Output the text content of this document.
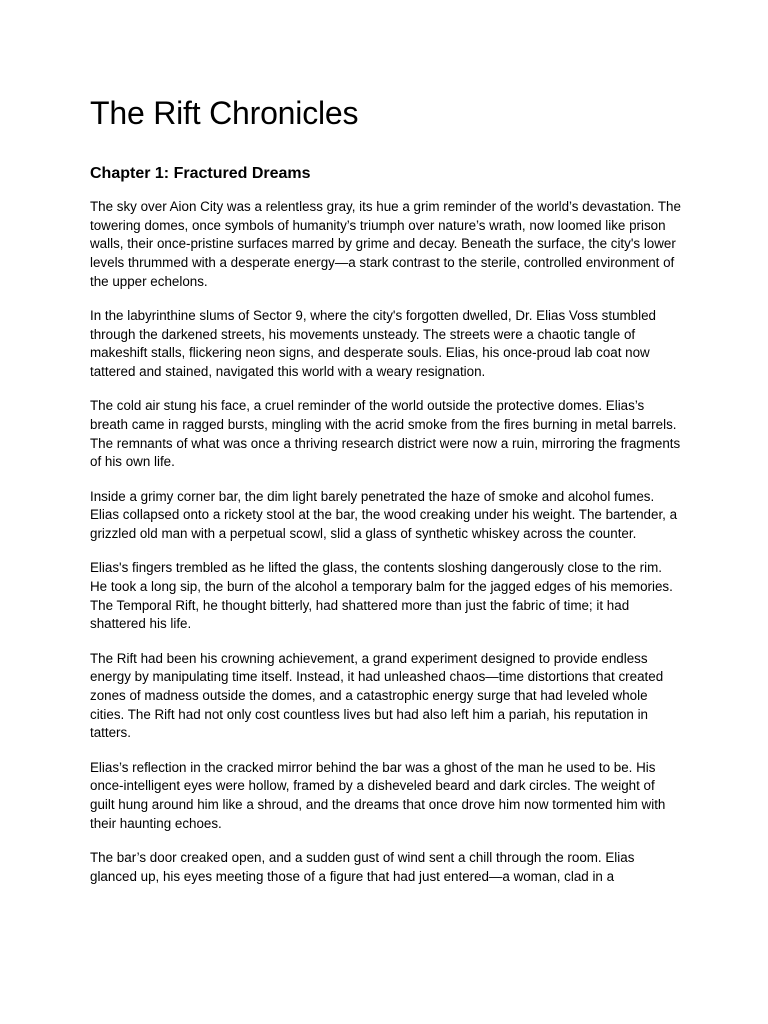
The Rift Chronicles
Chapter 1: Fractured Dreams

The sky over Aion City was a relentless gray, its hue a grim reminder of the world’s devastation. The towering domes, once symbols of humanity’s triumph over nature’s wrath, now loomed like prison walls, their once-pristine surfaces marred by grime and decay. Beneath the surface, the city's lower levels thrummed with a desperate energy—a stark contrast to the sterile, controlled environment of the upper echelons.

In the labyrinthine slums of Sector 9, where the city's forgotten dwelled, Dr. Elias Voss stumbled through the darkened streets, his movements unsteady. The streets were a chaotic tangle of makeshift stalls, flickering neon signs, and desperate souls. Elias, his once-proud lab coat now tattered and stained, navigated this world with a weary resignation.

The cold air stung his face, a cruel reminder of the world outside the protective domes. Elias’s breath came in ragged bursts, mingling with the acrid smoke from the fires burning in metal barrels. The remnants of what was once a thriving research district were now a ruin, mirroring the fragments of his own life.

Inside a grimy corner bar, the dim light barely penetrated the haze of smoke and alcohol fumes. Elias collapsed onto a rickety stool at the bar, the wood creaking under his weight. The bartender, a grizzled old man with a perpetual scowl, slid a glass of synthetic whiskey across the counter.

Elias's fingers trembled as he lifted the glass, the contents sloshing dangerously close to the rim. He took a long sip, the burn of the alcohol a temporary balm for the jagged edges of his memories. The Temporal Rift, he thought bitterly, had shattered more than just the fabric of time; it had shattered his life.

The Rift had been his crowning achievement, a grand experiment designed to provide endless energy by manipulating time itself. Instead, it had unleashed chaos—time distortions that created zones of madness outside the domes, and a catastrophic energy surge that had leveled whole cities. The Rift had not only cost countless lives but had also left him a pariah, his reputation in tatters.

Elias’s reflection in the cracked mirror behind the bar was a ghost of the man he used to be. His once-intelligent eyes were hollow, framed by a disheveled beard and dark circles. The weight of guilt hung around him like a shroud, and the dreams that once drove him now tormented him with their haunting echoes.

The bar’s door creaked open, and a sudden gust of wind sent a chill through the room. Elias glanced up, his eyes meeting those of a figure that had just entered—a woman, clad in a
